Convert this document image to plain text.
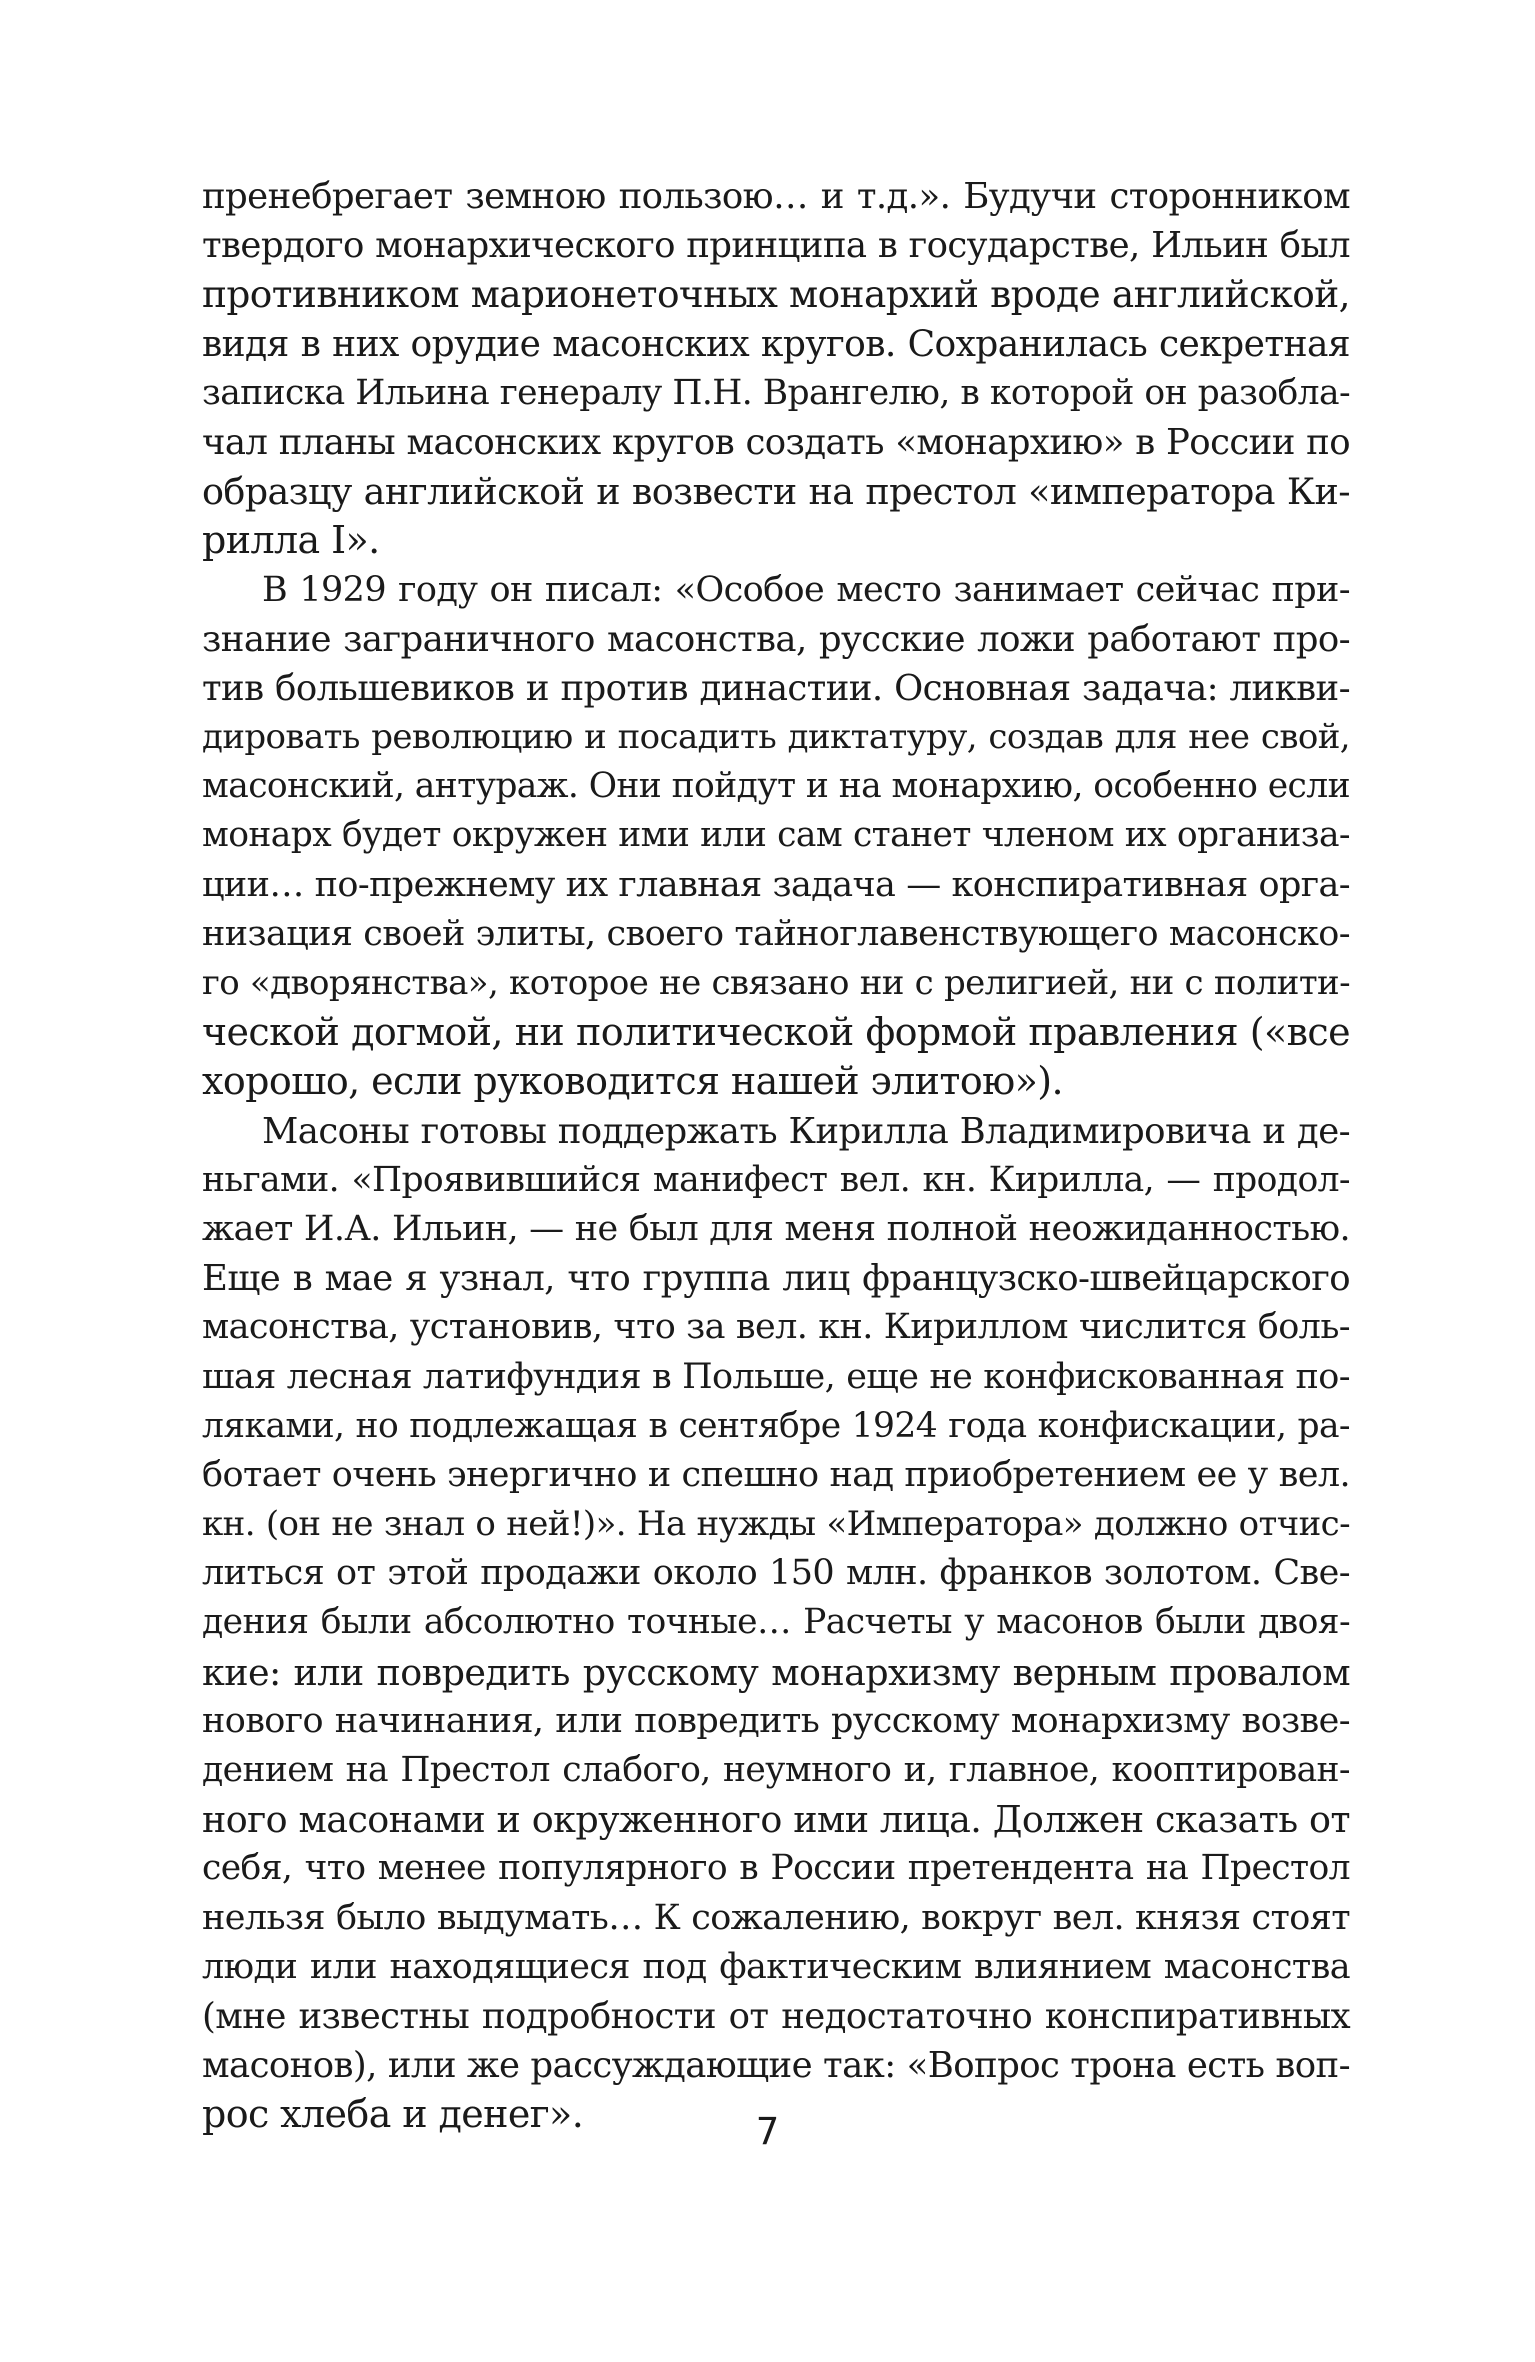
пренебрегает земною пользою… и т.д.». Будучи сторонником
твердого монархического принципа в государстве, Ильин был
противником марионеточных монархий вроде английской,
видя в них орудие масонских кругов. Сохранилась секретная
записка Ильина генералу П.Н. Врангелю, в которой он разобла-
чал планы масонских кругов создать «монархию» в России по
образцу английской и возвести на престол «императора Ки-
рилла I».
В 1929 году он писал: «Особое место занимает сейчас при-
знание заграничного масонства, русские ложи работают про-
тив большевиков и против династии. Основная задача: ликви-
дировать революцию и посадить диктатуру, создав для нее свой,
масонский, антураж. Они пойдут и на монархию, особенно если
монарх будет окружен ими или сам станет членом их организа-
ции… по-прежнему их главная задача — конспиративная орга-
низация своей элиты, своего тайноглавенствующего масонско-
го «дворянства», которое не связано ни с религией, ни с полити-
ческой догмой, ни политической формой правления («все
хорошо, если руководится нашей элитою»).
Масоны готовы поддержать Кирилла Владимировича и де-
ньгами. «Проявившийся манифест вел. кн. Кирилла, — продол-
жает И.А. Ильин, — не был для меня полной неожиданностью.
Еще в мае я узнал, что группа лиц французско-швейцарского
масонства, установив, что за вел. кн. Кириллом числится боль-
шая лесная латифундия в Польше, еще не конфискованная по-
ляками, но подлежащая в сентябре 1924 года конфискации, ра-
ботает очень энергично и спешно над приобретением ее у вел.
кн. (он не знал о ней!)». На нужды «Императора» должно отчис-
литься от этой продажи около 150 млн. франков золотом. Све-
дения были абсолютно точные… Расчеты у масонов были двоя-
кие: или повредить русскому монархизму верным провалом
нового начинания, или повредить русскому монархизму возве-
дением на Престол слабого, неумного и, главное, кооптирован-
ного масонами и окруженного ими лица. Должен сказать от
себя, что менее популярного в России претендента на Престол
нельзя было выдумать… К сожалению, вокруг вел. князя стоят
люди или находящиеся под фактическим влиянием масонства
(мне известны подробности от недостаточно конспиративных
масонов), или же рассуждающие так: «Вопрос трона есть воп-
рос хлеба и денег».	7
